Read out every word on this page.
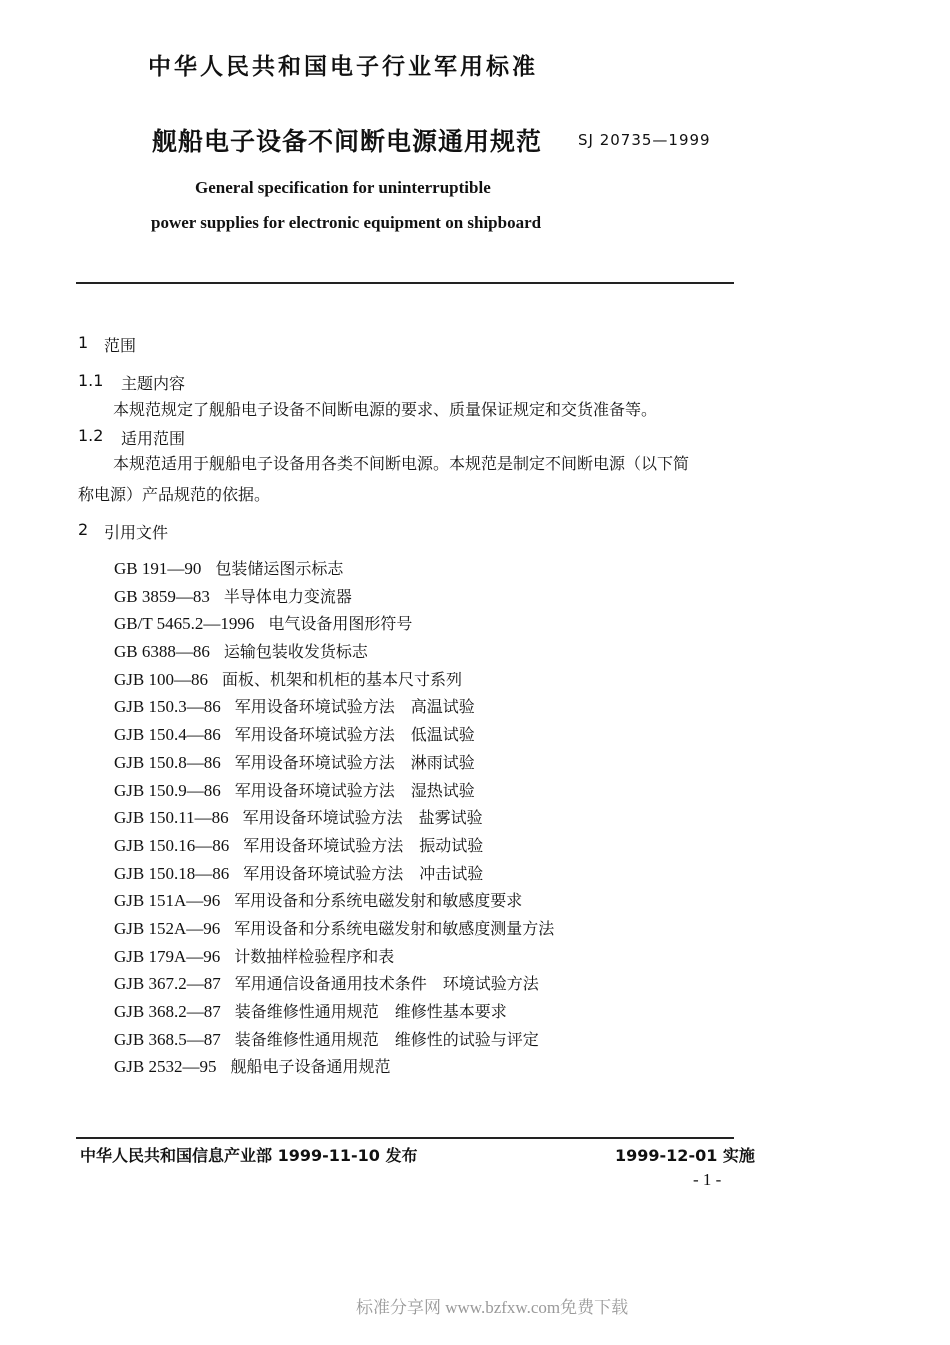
中华人民共和国电子行业军用标准
舰船电子设备不间断电源通用规范 SJ 20735—1999
General specification for uninterruptible
power supplies for electronic equipment on shipboard
1 范围
1.1 主题内容
本规范规定了舰船电子设备不间断电源的要求、质量保证规定和交货准备等。
1.2 适用范围
本规范适用于舰船电子设备用各类不间断电源。本规范是制定不间断电源（以下简
称电源）产品规范的依据。
2 引用文件
GB 191—90 包装储运图示标志
GB 3859—83 半导体电力变流器
GB/T 5465.2—1996 电气设备用图形符号
GB 6388—86 运输包装收发货标志
GJB 100—86 面板、机架和机柜的基本尺寸系列
GJB 150.3—86 军用设备环境试验方法　高温试验
GJB 150.4—86 军用设备环境试验方法　低温试验
GJB 150.8—86 军用设备环境试验方法　淋雨试验
GJB 150.9—86 军用设备环境试验方法　湿热试验
GJB 150.11—86 军用设备环境试验方法　盐雾试验
GJB 150.16—86 军用设备环境试验方法　振动试验
GJB 150.18—86 军用设备环境试验方法　冲击试验
GJB 151A—96 军用设备和分系统电磁发射和敏感度要求
GJB 152A—96 军用设备和分系统电磁发射和敏感度测量方法
GJB 179A—96 计数抽样检验程序和表
GJB 367.2—87 军用通信设备通用技术条件　环境试验方法
GJB 368.2—87 装备维修性通用规范　维修性基本要求
GJB 368.5—87 装备维修性通用规范　维修性的试验与评定
GJB 2532—95 舰船电子设备通用规范
中华人民共和国信息产业部 1999-11-10 发布	1999-12-01 实施
- 1 -
标准分享网 www.bzfxw.com免费下载
